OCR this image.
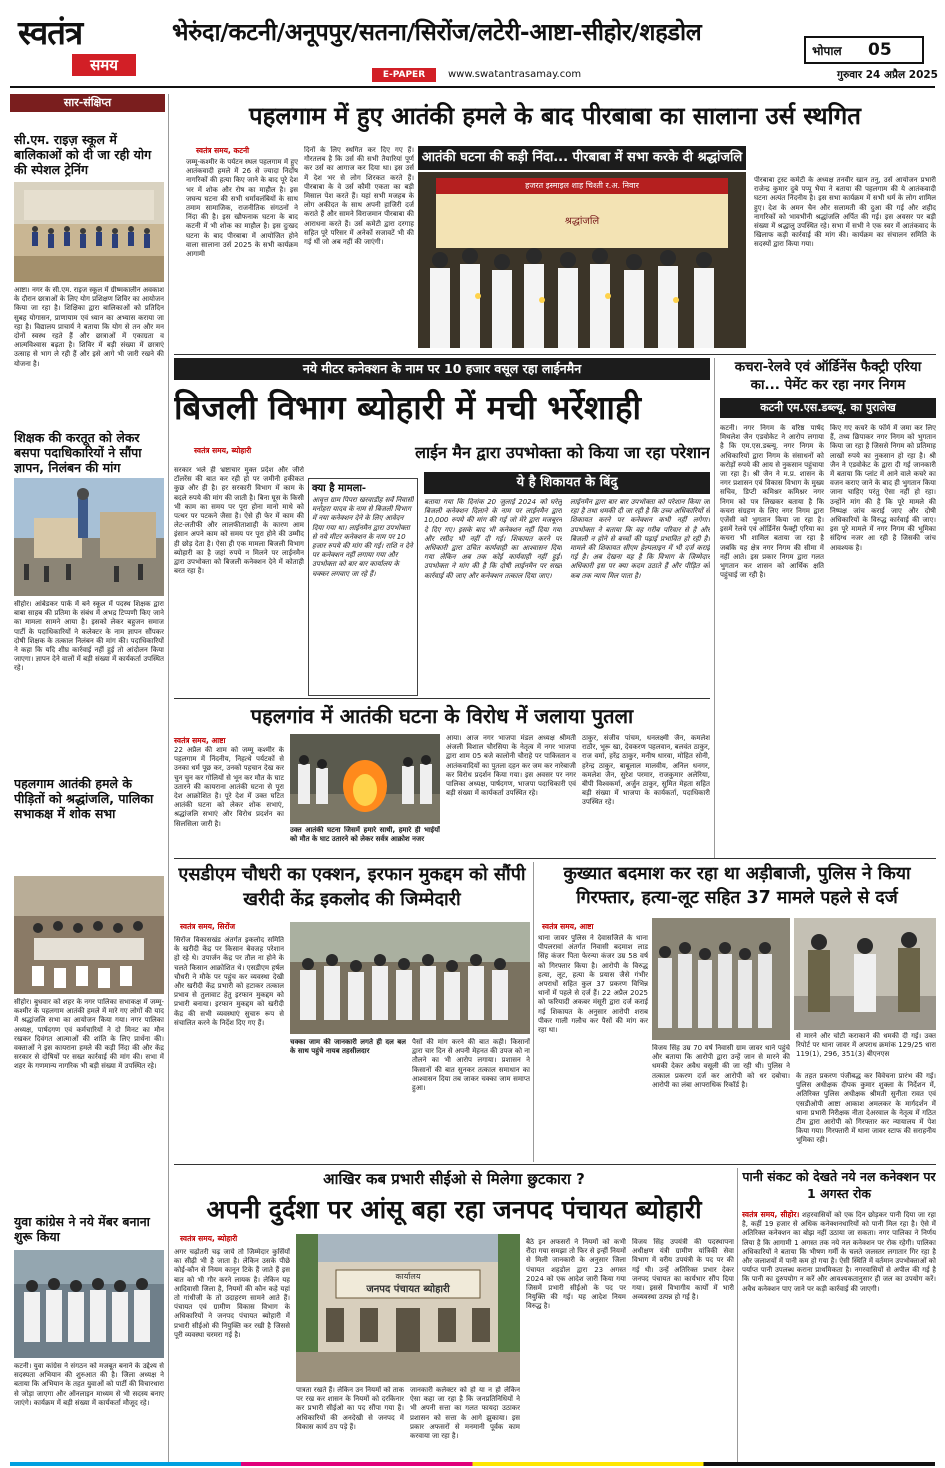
स्वतंत्र
समय
भेरुंदा/कटनी/अनूपपुर/सतना/सिरोंज/लटेरी-आष्टा-सीहोर/शहडोल
भोपाल 05
E-PAPER	www.swatantrasamay.com	गुरुवार 24 अप्रैल 2025
सार-संक्षिप्त
सी.एम. राइज़ स्कूल में बालिकाओं को दी जा रही योग की स्पेशल ट्रेनिंग
आष्टा। नगर के सी.एम. राइज स्कूल में ग्रीष्मकालीन अवकाश के दौरान छात्राओं के लिए योग प्रशिक्षण शिविर का आयोजन किया जा रहा है। शिक्षिका द्वारा बालिकाओं को प्रतिदिन सुबह योगासन, प्राणायाम एवं ध्यान का अभ्यास कराया जा रहा है। विद्यालय प्राचार्य ने बताया कि योग से तन और मन दोनों स्वस्थ रहते हैं और छात्राओं में एकाग्रता व आत्मविश्वास बढ़ता है। शिविर में बड़ी संख्या में छात्राएं उत्साह से भाग ले रही हैं और इसे आगे भी जारी रखने की योजना है।
शिक्षक की करतूत को लेकर बसपा पदाधिकारियों ने सौंपा ज्ञापन, निलंबन की मांग
सीहोर। आंबेडकर पार्क में बने स्कूल में पदस्थ शिक्षक द्वारा बाबा साहब की प्रतिमा के संबंध में अभद्र टिप्पणी किए जाने का मामला सामने आया है। इसको लेकर बहुजन समाज पार्टी के पदाधिकारियों ने कलेक्टर के नाम ज्ञापन सौंपकर दोषी शिक्षक के तत्काल निलंबन की मांग की। पदाधिकारियों ने कहा कि यदि शीघ्र कार्रवाई नहीं हुई तो आंदोलन किया जाएगा। ज्ञापन देने वालों में बड़ी संख्या में कार्यकर्ता उपस्थित रहे।
पहलगाम आतंकी हमले के पीड़ितों को श्रद्धांजलि, पालिका सभाकक्ष में शोक सभा
सीहोर। बुधवार को शहर के नगर पालिका सभाकक्ष में जम्मू-कश्मीर के पहलगाम आतंकी हमले में मारे गए लोगों की याद में श्रद्धांजलि सभा का आयोजन किया गया। नगर पालिका अध्यक्ष, पार्षदगण एवं कर्मचारियों ने दो मिनट का मौन रखकर दिवंगत आत्माओं की शांति के लिए प्रार्थना की। वक्ताओं ने इस कायराना हमले की कड़ी निंदा की और केंद्र सरकार से दोषियों पर सख्त कार्रवाई की मांग की। सभा में शहर के गणमान्य नागरिक भी बड़ी संख्या में उपस्थित रहे।
युवा कांग्रेस ने नये मेंबर बनाना शुरू किया
कटनी। युवा कांग्रेस ने संगठन को मजबूत बनाने के उद्देश्य से सदस्यता अभियान की शुरुआत की है। जिला अध्यक्ष ने बताया कि अभियान के तहत युवाओं को पार्टी की विचारधारा से जोड़ा जाएगा और ऑनलाइन माध्यम से भी सदस्य बनाए जाएंगे। कार्यक्रम में बड़ी संख्या में कार्यकर्ता मौजूद रहे।
पहलगाम में हुए आतंकी हमले के बाद पीरबाबा का सालाना उर्स स्थगित
स्वतंत्र समय, कटनी
जम्मू-कश्मीर के पर्यटन स्थल पहलगाम में हुए आतंकवादी हमले में 26 से ज्यादा निर्दोष नागरिकों की हत्या किए जाने के बाद पूरे देश भर में शोक और रोष का माहौल है। इस जघन्य घटना की सभी धर्मावलंबियों के साथ तमाम सामाजिक, राजनीतिक संगठनों ने निंदा की है। इस खौफनाक घटना के बाद कटनी में भी शोक का माहौल है। इस दुःखद घटना के बाद पीरबाबा में आयोजित होने वाला सालाना उर्स 2025 के सभी कार्यक्रम आगामी
दिनों के लिए स्थगित कर दिए गए हैं। गौरतलब है कि उर्स की सभी तैयारियां पूर्ण कर उर्स का आगाज कर दिया था। इस उर्स में देश भर से लोग शिरकत करते हैं। पीरबाबा के वे उर्स कौमी एकता का बड़ी मिसाल पेश करते हैं। यहां सभी मजहब के लोग अकीदत के साथ अपनी हाजिरी दर्ज कराते हैं और सामने विराजमान पीरबाबा की आराधना करते हैं। उर्स कमेटी द्वारा दरगाह सहित पूरे परिसर में अनेकों सजावटें भी की गई थीं जो अब नहीं की जाएंगी।
आतंकी घटना की कड़ी निंदा... पीरबाबा में सभा करके दी श्रद्धांजलि
श्रद्धांजलि
हजरत इस्माइल शाह चिश्ती र.अ. निवार
पीरबाबा ट्रस्ट कमेटी के अध्यक्ष तनवीर खान तनु, उर्स आयोजन प्रभारी राजेन्द्र कुमार दुबे पप्पू भैया ने बताया की पहलगाम की ये आतंकवादी घटना अत्यंत निंदनीय है। इस सभा कार्यक्रम में सभी धर्म के लोग शामिल हुए। देश के अमन चैन और सलामती की दुआ की गई और शहीद नागरिकों को भावभीनी श्रद्धांजलि अर्पित की गई। इस अवसर पर बड़ी संख्या में श्रद्धालु उपस्थित रहे। सभा में सभी ने एक स्वर में आतंकवाद के खिलाफ कड़ी कार्रवाई की मांग की। कार्यक्रम का संचालन समिति के सदस्यों द्वारा किया गया।
नये मीटर कनेक्शन के नाम पर 10 हजार वसूल रहा लाईनमैन
बिजली विभाग ब्योहारी में मची भर्रेशाही
लाईन मैन द्वारा उपभोक्ता को किया जा रहा परेशान
स्वतंत्र समय, ब्योहारी
सरकार भले ही भ्रष्टाचार मुक्त प्रदेश और जीरो टॉलरेंस की बात कर रही हो पर जमीनी हकीकत कुछ और ही है। हर सरकारी विभाग में काम के बदले रुपये की मांग की जाती है। बिना घूस के किसी भी काम का समय पर पूरा होना मानो माथे को पत्थर पर पटकने जैसा है। ऐसे ही फेर में काम की लेट-लतीफी और लालफीताशाही के कारण आम इंसान अपने काम को समय पर पूरा होने की उम्मीद ही छोड़ देता है। ऐसा ही एक मामला बिजली विभाग ब्योहारी का है जहां रुपये न मिलने पर लाईनमैन द्वारा उपभोक्ता को बिजली कनेक्शन देने में कोताही बरत रहा है।
क्या है मामला-
आवृत्त ग्राम पिपरा खरवाडीह सर्वे निवासी मनोहरा यादव के नाम से बिजली विभाग में नया कनेक्शन देने के लिए आवेदन दिया गया था। लाईनमैन द्वारा उपभोक्ता से नये मीटर कनेक्शन के नाम पर 10 हजार रुपये की मांग की गई। राशि न देने पर कनेक्शन नहीं लगाया गया और उपभोक्ता को बार बार कार्यालय के चक्कर लगवाए जा रहे हैं।
ये है शिकायत के बिंदु
बताया गया कि दिनांक 20 जुलाई 2024 को घरेलू बिजली कनेक्शन दिलाने के नाम पर लाईनमैन द्वारा 10,000 रुपये की मांग की गई जो मेरे द्वारा मजबूरन दे दिए गए। इसके बाद भी कनेक्शन नहीं दिया गया और रसीद भी नहीं दी गई। शिकायत करने पर अधिकारी द्वारा उचित कार्यवाही का आश्वासन दिया गया लेकिन अब तक कोई कार्यवाही नहीं हुई। उपभोक्ता ने मांग की है कि दोषी लाईनमैन पर सख्त कार्रवाई की जाए और कनेक्शन तत्काल दिया जाए।
लाईनमैन द्वारा बार बार उपभोक्ता को परेशान किया जा रहा है तथा धमकी दी जा रही है कि उच्च अधिकारियों से शिकायत करने पर कनेक्शन कभी नहीं लगेगा। उपभोक्ता ने बताया कि वह गरीब परिवार से है और बिजली न होने से बच्चों की पढ़ाई प्रभावित हो रही है। मामले की शिकायत सीएम हेल्पलाइन में भी दर्ज कराई गई है। अब देखना यह है कि विभाग के जिम्मेदार अधिकारी इस पर क्या कदम उठाते हैं और पीड़ित को कब तक न्याय मिल पाता है।
कचरा-रेलवे एवं ऑर्डिनेंस फैक्ट्री एरिया का... पेमेंट कर रहा नगर निगम
कटनी एम.एस.डब्ल्यू. का पुरालेख
कटनी। नगर निगम के वरिष्ठ पार्षद मिथलेश जैन एडवोकेट ने आरोप लगाया है कि एम.एस.डब्ल्यू. नगर निगम के अधिकारियों द्वारा निगम के संसाधनों को करोड़ों रुपये की आय से नुकसान पहुंचाया जा रहा है। श्री जैन ने म.प्र. शासन के नगर प्रशासन एवं विकास विभाग के मुख्य सचिव, डिप्टी कमिश्नर कमिश्नर नगर निगम को पत्र लिखकर बताया है कि कचरा संग्रहण के लिए नगर निगम द्वारा एजेंसी को भुगतान किया जा रहा है। इसमें रेलवे एवं ऑर्डिनेंस फैक्ट्री एरिया का कचरा भी शामिल बताया जा रहा है जबकि यह क्षेत्र नगर निगम की सीमा में नहीं आते। इस प्रकार निगम द्वारा गलत भुगतान कर शासन को आर्थिक क्षति पहुंचाई जा रही है।
किए गए कचरे के फॉर्म में जमा कर लिए हैं, तथ्य छिपाकर नगर निगम को भुगतान किया जा रहा है जिससे निगम को प्रतिमाह लाखों रुपये का नुकसान हो रहा है। श्री जैन ने एडवोकेट के द्वारा दी गई जानकारी में बताया कि प्लांट में आने वाले कचरे का वजन कराए जाने के बाद ही भुगतान किया जाना चाहिए परंतु ऐसा नहीं हो रहा। उन्होंने मांग की है कि पूरे मामले की निष्पक्ष जांच कराई जाए और दोषी अधिकारियों के विरुद्ध कार्रवाई की जाए। इस पूरे मामले में नगर निगम की भूमिका संदिग्ध नजर आ रही है जिसकी जांच आवश्यक है।
पहलगांव में आतंकी घटना के विरोध में जलाया पुतला
स्वतंत्र समय, आष्टा
22 अप्रैल की शाम को जम्मू कश्मीर के पहलगाम में निंदनीय, निहत्थे पर्यटकों से उनका धर्म पूछ कर, उनको पहचान देख कर चुन चुन कर गोलियों से भून कर मौत के घाट उतारने की कायराना आतंकी घटना से पूरा देश आक्रोशित है। पूरे देश में उक्त घटित आतंकी घटना को लेकर शोक सभाएं, श्रद्धांजलि सभाएं और विरोध प्रदर्शन का सिलसिला जारी है।
उक्त आतंकी घटना जिसमें हमारे साथी, हमारे ही भाईयों को मौत के घाट उतारने को लेकर सर्वत्र आक्रोश नजर
आया। आज नगर भाजपा मंडल अध्यक्ष श्रीमती अंजली विशाल चौरसिया के नेतृत्व में नगर भाजपा द्वारा शाम 05 बजे कालोनी चौराहे पर पाकिस्तान व आतंकवादियों का पुतला दहन कर जम कर नारेबाजी कर विरोध प्रदर्शन किया गया। इस अवसर पर नगर पालिका अध्यक्ष, पार्षदगण, भाजपा पदाधिकारी एवं बड़ी संख्या में कार्यकर्ता उपस्थित रहे।
ठाकुर, संजीव पांचम, धनलक्ष्मी जैन, कमलेश राठौर, भूरू खा, देवकरण पहलवान, बलवंत ठाकुर, राज वर्मा, हरेंद्र ठाकुर, मनीष धारवा, मोहित सोनी, हरेन्द्र ठाकुर, बाबूलाल मालवीय, अनिल धनगर, कमलेश जैन, सुरेश परमार, राजकुमार अलेरिया, बीपी विश्वकर्मा, अर्जुन ठाकुर, सुमित मेहता सहित बड़ी संख्या में भाजपा के कार्यकर्ता, पदाधिकारी उपस्थित रहे।
एसडीएम चौधरी का एक्शन, इरफान मुकद्दम को सौंपी खरीदी केंद्र इकलोद की जिम्मेदारी
स्वतंत्र समय, सिरोंज
सिरोंज विकासखंड अंतर्गत इकलोद समिति के खरीदी केंद्र पर किसान बेवजह परेशान हो रहे थे। उपार्जन केंद्र पर तौल ना होने के चलते किसान आक्रोशित थे। एसडीएम हर्षल चौधरी ने मौके पर पहुंच कर व्यवस्था देखी और खरीदी केंद्र प्रभारी को हटाकर तत्काल प्रभाव से तुलावाट हेतु इरफान मुकद्दम को प्रभारी बनाया। इरफान मुकद्दम को खरीदी केंद्र की सभी व्यवस्थाएं सुचारु रूप से संचालित करने के निर्देश दिए गए हैं।
चक्का जाम की जानकारी लगते ही दल बल के साथ पहुंचे नायब तहसीलदार
पैसों की मांग करने की बात कही। किसानों द्वारा चार दिन से अपनी मेहनत की उपज को ना तौलने का भी आरोप लगाया। प्रशासन ने किसानों की बात सुनकर तत्काल समाधान का आश्वासन दिया तब जाकर चक्का जाम समाप्त हुआ।
कुख्यात बदमाश कर रहा था अड़ीबाजी, पुलिस ने किया गिरफ्तार, हत्या-लूट सहित 37 मामले पहले से दर्ज
स्वतंत्र समय, आष्टा
थाना जावर पुलिस ने देवासजिले के थाना पीपलरावां अंतर्गत निवासी बदमाश लाड सिंह कंजर पिता फेरन्या कंजर उम्र 58 वर्ष को गिरफ्तार किया है। आरोपी के विरुद्ध हत्या, लूट, हत्या के प्रयास जैसे गंभीर अपराधों सहित कुल 37 प्रकरण विभिन्न थानों में पहले से दर्ज हैं। 22 अप्रैल 2025 को फरियादी अकबर मंसूरी द्वारा दर्ज कराई गई शिकायत के अनुसार आरोपी शराब पीकर गाली गलौच कर पैसों की मांग कर रहा था।
विजय सिंह उम्र 70 वर्ष निवासी ग्राम जावर थाने पहुंचे और बताया कि आरोपी द्वारा उन्हें जान से मारने की धमकी देकर अवैध वसूली की जा रही थी। पुलिस ने तत्काल प्रकरण दर्ज कर आरोपी को धर दबोचा। आरोपी का लंबा आपराधिक रिकॉर्ड है।
से मारने और चोटी कराकाने की धमकी दी गई। उक्त रिपोर्ट पर थाना जावर में अपराध क्रमांक 129/25 धारा 119(1), 296, 351(3) बीएनएस
के तहत प्रकरण पंजीबद्ध कर विवेचना प्रारंभ की गई। पुलिस अधीक्षक दीपक कुमार शुक्ला के निर्देशन में, अतिरिक्त पुलिस अधीक्षक श्रीमती सुनीता रावत एवं एसडीओपी आष्टा आकाश अमलकर के मार्गदर्शन में थाना प्रभारी निरीक्षक नीता देअरवाल के नेतृत्व में गठित टीम द्वारा आरोपी को गिरफ्तार कर न्यायालय में पेश किया गया। गिरफ्तारी में थाना जावर स्टाफ की सराहनीय भूमिका रही।
आखिर कब प्रभारी सीईओ से मिलेगा छुटकारा ?
अपनी दुर्दशा पर आंसू बहा रहा जनपद पंचायत ब्योहारी
स्वतंत्र समय, ब्योहारी
अगर चढ़ोतरी चढ़ जाये तो जिम्मेदार कुर्सियों का सीढ़ी भी है जाता है। लेकिन उसके पीछे कोई-कौन से नियम कानून टिके हैं जाते हैं इस बात को भी गौर करने लायक है। लेकिन यह आदिवासी जिला है, नियमों की कौन कहे यहां तो गांधीजी के तो उदाहरण सामने आते हैं। पंचायत एवं ग्रामीण विकास विभाग के अधिकारियों ने जनपद पंचायत ब्योहारी में प्रभारी सीईओ की नियुक्ति कर रखी है जिससे पूरी व्यवस्था चरमरा गई है।
कार्यालय
जनपद पंचायत ब्योहारी
पात्रता रखते हैं। लेकिन उन नियमों को ताक पर रख कर शासन के नियमों को दरकिनार कर प्रभारी सीईओ का पद सौंपा गया है। अधिकारियों की अनदेखी से जनपद में विकास कार्य ठप पड़े हैं।
जानकारी कलेक्टर को हो या न हो लेकिन ऐसा कहा जा रहा है कि जनप्रतिनिधियों ने भी अपनी सत्ता का गलत फायदा उठाकर प्रशासन को सत्ता के आगे झुकाया। इस प्रकार अफसरों से मनमानी पूर्वक काम करवाया जा रहा है।
बैठे इन अफसरों ने नियमों को कभी रौंदा गया समझा तो फिर से इन्हीं नियमों से मिली जानकारी के अनुसार जिला पंचायत शहडोल द्वारा 23 अगस्त 2024 को एक आदेश जारी किया गया जिसमें प्रभारी सीईओ के पद पर नियुक्ति की गई। यह आदेश नियम विरुद्ध है।
विजय सिंह उपयंत्री की पदस्थापना अधीक्षण यंत्री ग्रामीण यांत्रिकी सेवा विभाग में वरीय उपयंत्री के पद पर की गई थी। उन्हें अतिरिक्त प्रभार देकर जनपद पंचायत का कार्यभार सौंप दिया गया। इससे विभागीय कार्यों में भारी अव्यवस्था उत्पन्न हो गई है।
पानी संकट को देखते नये नल कनेक्शन पर 1 अगस्त रोक
स्वतंत्र समय, सीहोर। शहरवासियों को एक दिन छोड़कर पानी दिया जा रहा है, कहीं 19 हजार से अधिक कनेक्शनधारियों को पानी मिल रहा है। ऐसे में अतिरिक्त कनेक्शन का बोझ नहीं उठाया जा सकता। नगर पालिका ने निर्णय लिया है कि आगामी 1 अगस्त तक नये नल कनेक्शन पर रोक रहेगी। पालिका अधिकारियों ने बताया कि भीषण गर्मी के चलते जलस्तर लगातार गिर रहा है और जलाशयों में पानी कम हो गया है। ऐसी स्थिति में वर्तमान उपभोक्ताओं को पर्याप्त पानी उपलब्ध कराना प्राथमिकता है। नगरवासियों से अपील की गई है कि पानी का दुरुपयोग न करें और आवश्यकतानुसार ही जल का उपयोग करें। अवैध कनेक्शन पाए जाने पर कड़ी कार्रवाई की जाएगी।
